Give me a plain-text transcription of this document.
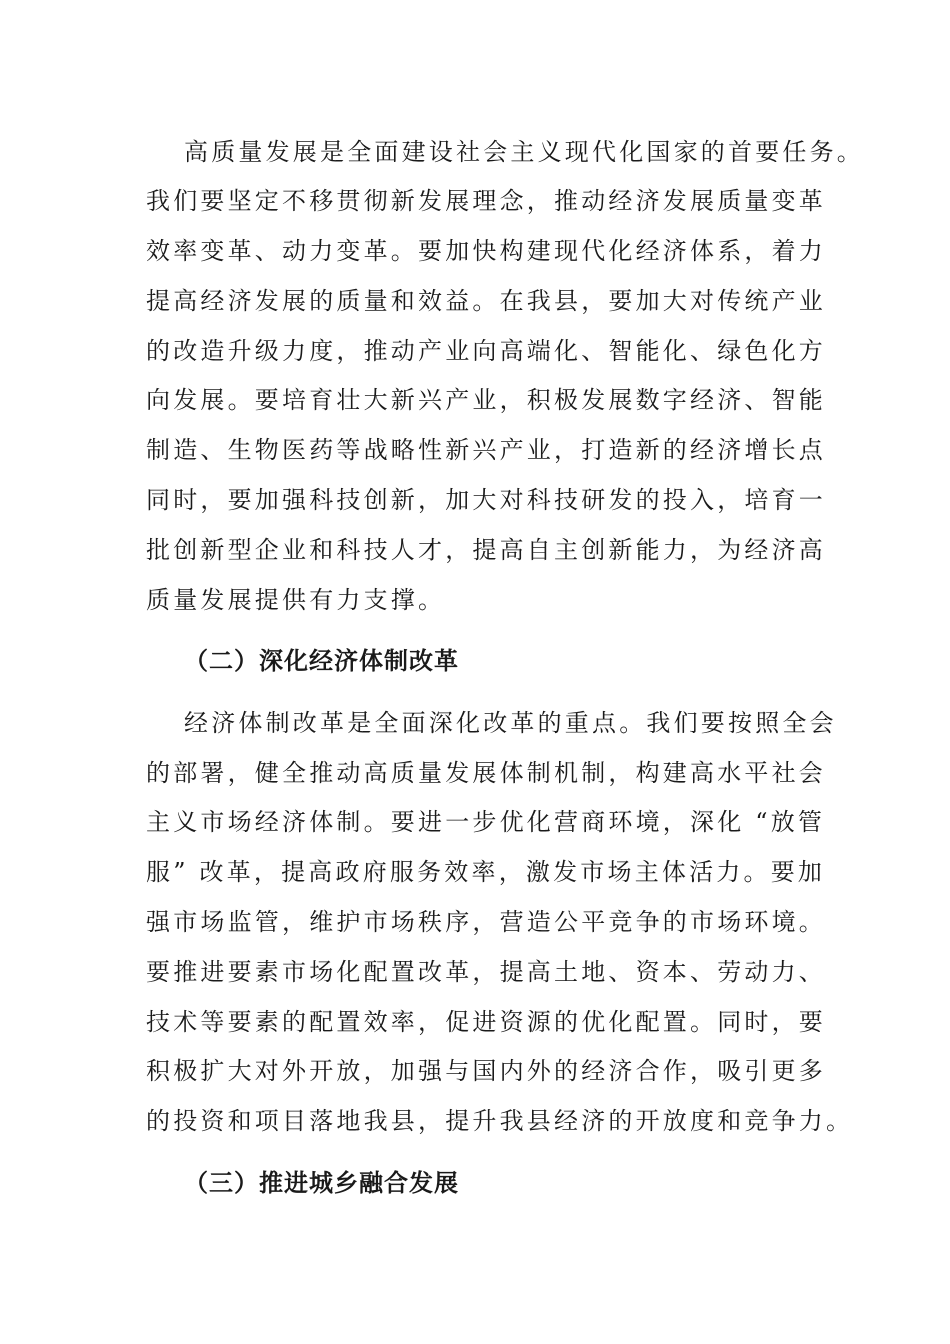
高质量发展是全面建设社会主义现代化国家的首要任务。
我们要坚定不移贯彻新发展理念，推动经济发展质量变革
效率变革、动力变革。要加快构建现代化经济体系，着力
提高经济发展的质量和效益。在我县，要加大对传统产业
的改造升级力度，推动产业向高端化、智能化、绿色化方
向发展。要培育壮大新兴产业，积极发展数字经济、智能
制造、生物医药等战略性新兴产业，打造新的经济增长点
同时，要加强科技创新，加大对科技研发的投入，培育一
批创新型企业和科技人才，提高自主创新能力，为经济高
质量发展提供有力支撑。
（二）深化经济体制改革
经济体制改革是全面深化改革的重点。我们要按照全会
的部署，健全推动高质量发展体制机制，构建高水平社会
主义市场经济体制。要进一步优化营商环境，深化 “放管
服” 改革，提高政府服务效率，激发市场主体活力。要加
强市场监管，维护市场秩序，营造公平竞争的市场环境。
要推进要素市场化配置改革，提高土地、资本、劳动力、
技术等要素的配置效率，促进资源的优化配置。同时，要
积极扩大对外开放，加强与国内外的经济合作，吸引更多
的投资和项目落地我县，提升我县经济的开放度和竞争力。
（三）推进城乡融合发展
